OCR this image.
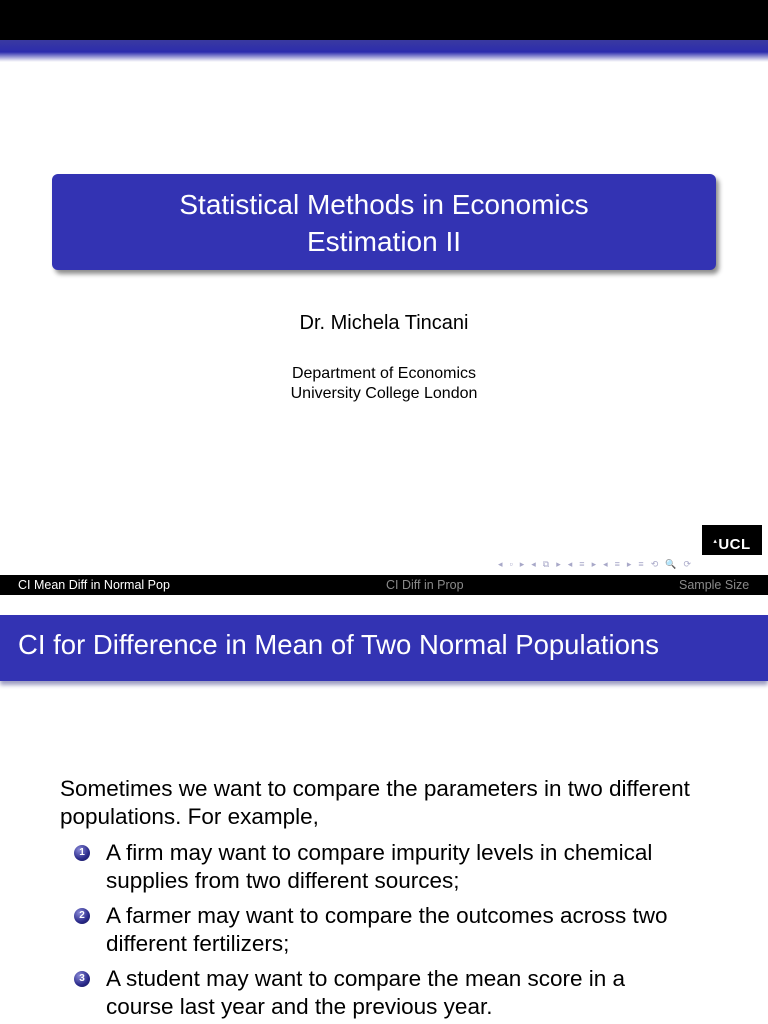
Statistical Methods in Economics
Estimation II
Dr. Michela Tincani
Department of Economics
University College London
▴ UCL
◂ ▫ ▸ ◂ ⧉ ▸ ◂ ≡ ▸ ◂ ≡ ▸ ≡ ⟲ 🔍 ⟳
CI Mean Diff in Normal Pop	CI Diff in Prop	Sample Size
CI for Difference in Mean of Two Normal Populations
Sometimes we want to compare the parameters in two different
populations. For example,
1 A firm may want to compare impurity levels in chemical
supplies from two different sources;
2 A farmer may want to compare the outcomes across two
different fertilizers;
3 A student may want to compare the mean score in a
course last year and the previous year.
